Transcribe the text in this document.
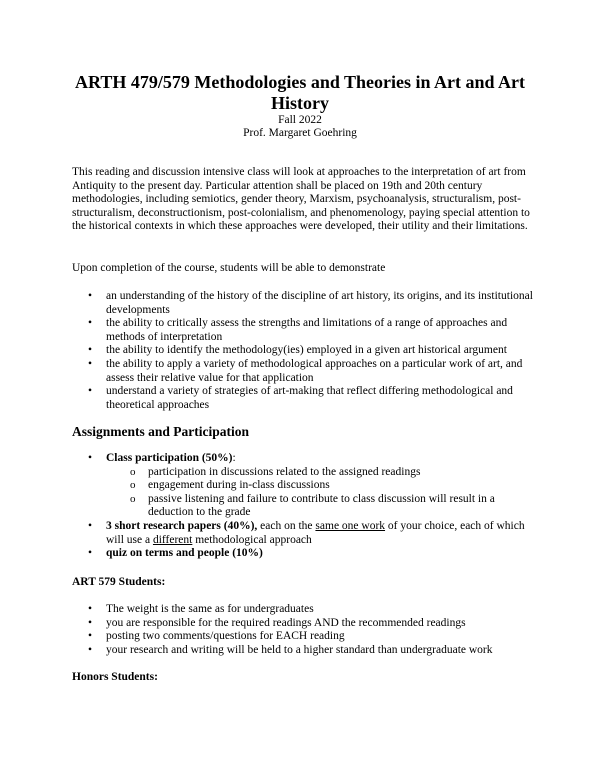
ARTH 479/579 Methodologies and Theories in Art and Art History
Fall 2022
Prof. Margaret Goehring
This reading and discussion intensive class will look at approaches to the interpretation of art from Antiquity to the present day. Particular attention shall be placed on 19th and 20th century methodologies, including semiotics, gender theory, Marxism, psychoanalysis, structuralism, post-structuralism, deconstructionism, post-colonialism, and phenomenology, paying special attention to the historical contexts in which these approaches were developed, their utility and their limitations.
Upon completion of the course, students will be able to demonstrate
• an understanding of the history of the discipline of art history, its origins, and its institutional developments
• the ability to critically assess the strengths and limitations of a range of approaches and methods of interpretation
• the ability to identify the methodology(ies) employed in a given art historical argument
• the ability to apply a variety of methodological approaches on a particular work of art, and assess their relative value for that application
• understand a variety of strategies of art-making that reflect differing methodological and theoretical approaches
Assignments and Participation
• Class participation (50%):
o participation in discussions related to the assigned readings
o engagement during in-class discussions
o passive listening and failure to contribute to class discussion will result in a deduction to the grade
• 3 short research papers (40%), each on the same one work of your choice, each of which will use a different methodological approach
• quiz on terms and people (10%)
ART 579 Students:
• The weight is the same as for undergraduates
• you are responsible for the required readings AND the recommended readings
• posting two comments/questions for EACH reading
• your research and writing will be held to a higher standard than undergraduate work
Honors Students:
